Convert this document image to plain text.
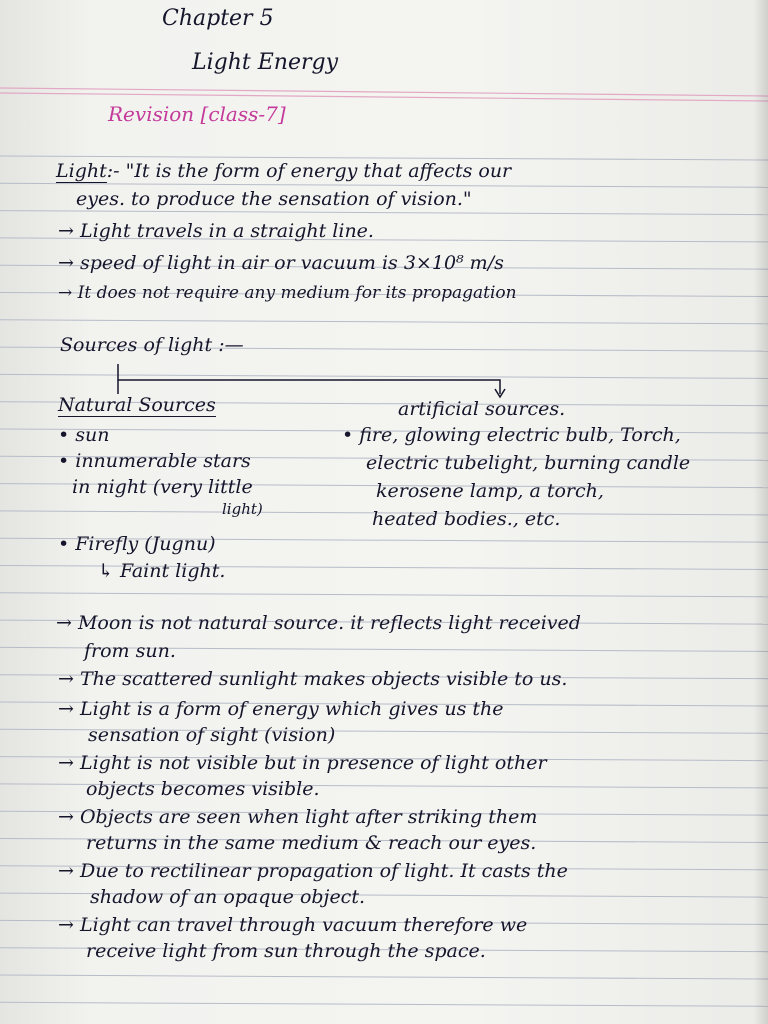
Chapter 5
Light Energy
Revision [class-7]
Light:- "It is the form of energy that affects our
eyes. to produce the sensation of vision."
→ Light travels in a straight line.
→ speed of light in air or vacuum is 3×10⁸ m/s
→ It does not require any medium for its propagation
Sources of light :—
Natural Sources
• sun
• innumerable stars
in night (very little
light)
• Firefly (Jugnu)
↳ Faint light.
artificial sources.
• fire, glowing electric bulb, Torch,
electric tubelight, burning candle
kerosene lamp, a torch,
heated bodies., etc.
→ Moon is not natural source. it reflects light received
from sun.
→ The scattered sunlight makes objects visible to us.
→ Light is a form of energy which gives us the
sensation of sight (vision)
→ Light is not visible but in presence of light other
objects becomes visible.
→ Objects are seen when light after striking them
returns in the same medium & reach our eyes.
→ Due to rectilinear propagation of light. It casts the
shadow of an opaque object.
→ Light can travel through vacuum therefore we
receive light from sun through the space.
